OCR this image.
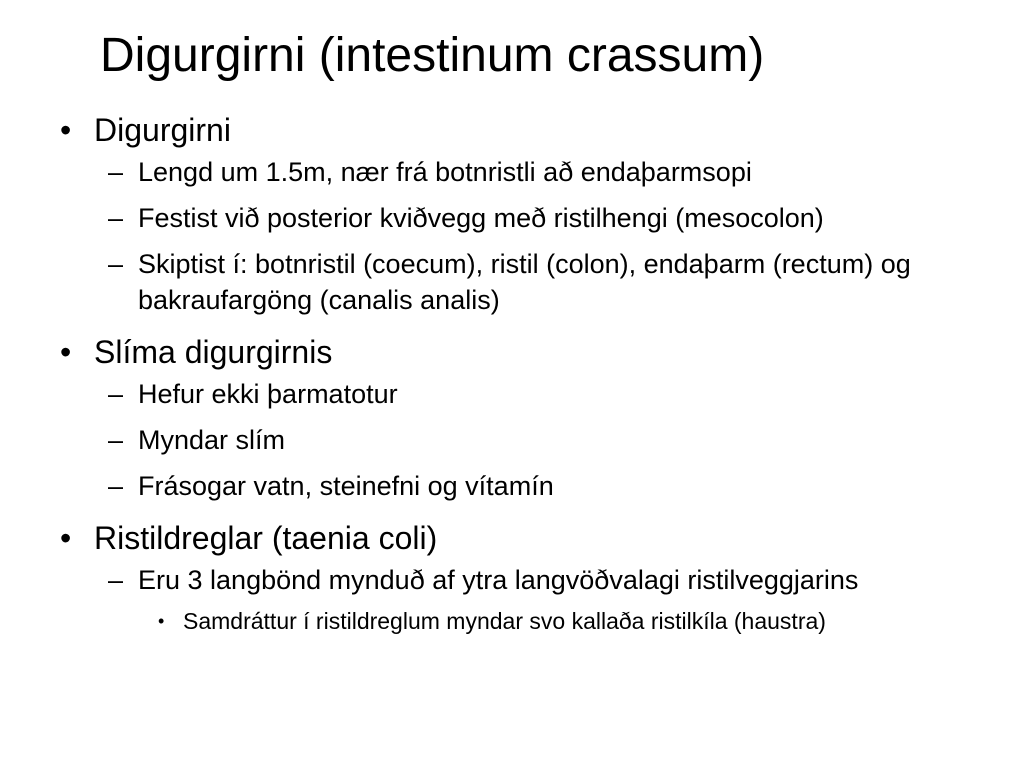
Digurgirni (intestinum crassum)
• Digurgirni
– Lengd um 1.5m, nær frá botnristli að endaþarmsopi
– Festist við posterior kviðvegg með ristilhengi (mesocolon)
– Skiptist í: botnristil (coecum), ristil (colon), endaþarm (rectum) og bakraufargöng (canalis analis)
• Slíma digurgirnis
– Hefur ekki þarmatotur
– Myndar slím
– Frásogar vatn, steinefni og vítamín
• Ristildreglar (taenia coli)
– Eru 3 langbönd mynduð af ytra langvöðvalagi ristilveggjarins
• Samdráttur í ristildreglum myndar svo kallaða ristilkíla (haustra)
